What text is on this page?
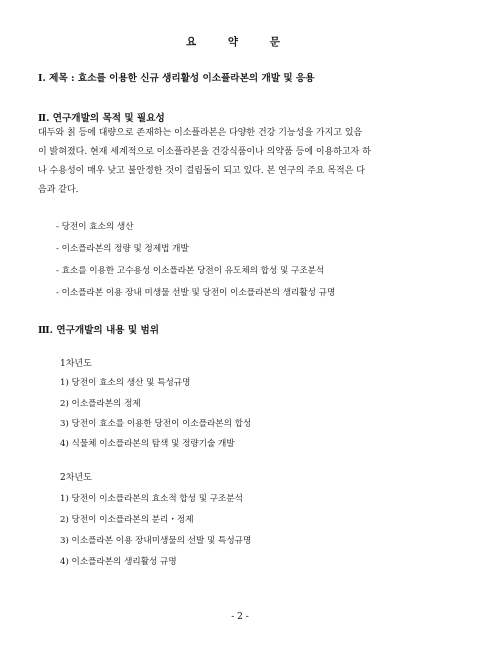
요 약 문
Ⅰ. 제목 : 효소를 이용한 신규 생리활성 이소플라본의 개발 및 응용
Ⅱ. 연구개발의 목적 및 필요성
대두와 칡 등에 대량으로 존재하는 이소플라본은 다양한 건강 기능성을 가지고 있음
이 밝혀졌다. 현재 세계적으로 이소플라본을 건강식품이나 의약품 등에 이용하고자 하
나 수용성이 매우 낮고 불안정한 것이 걸림돌이 되고 있다. 본 연구의 주요 목적은 다
음과 같다.
- 당전이 효소의 생산
- 이소플라본의 정량 및 정제법 개발
- 효소를 이용한 고수용성 이소플라본 당전이 유도체의 합성 및 구조분석
- 이소플라본 이용 장내 미생물 선발 및 당전이 이소플라본의 생리활성 규명
Ⅲ. 연구개발의 내용 및 범위
1차년도
1) 당전이 효소의 생산 및 특성규명
2) 이소플라본의 정제
3) 당전이 효소를 이용한 당전이 이소플라본의 합성
4) 식물체 이소플라본의 탐색 및 정량기술 개발
2차년도
1) 당전이 이소플라본의 효소적 합성 및 구조분석
2) 당전이 이소플라본의 분리・정제
3) 이소플라본 이용 장내미생물의 선발 및 특성규명
4) 이소플라본의 생리활성 규명
- 2 -
